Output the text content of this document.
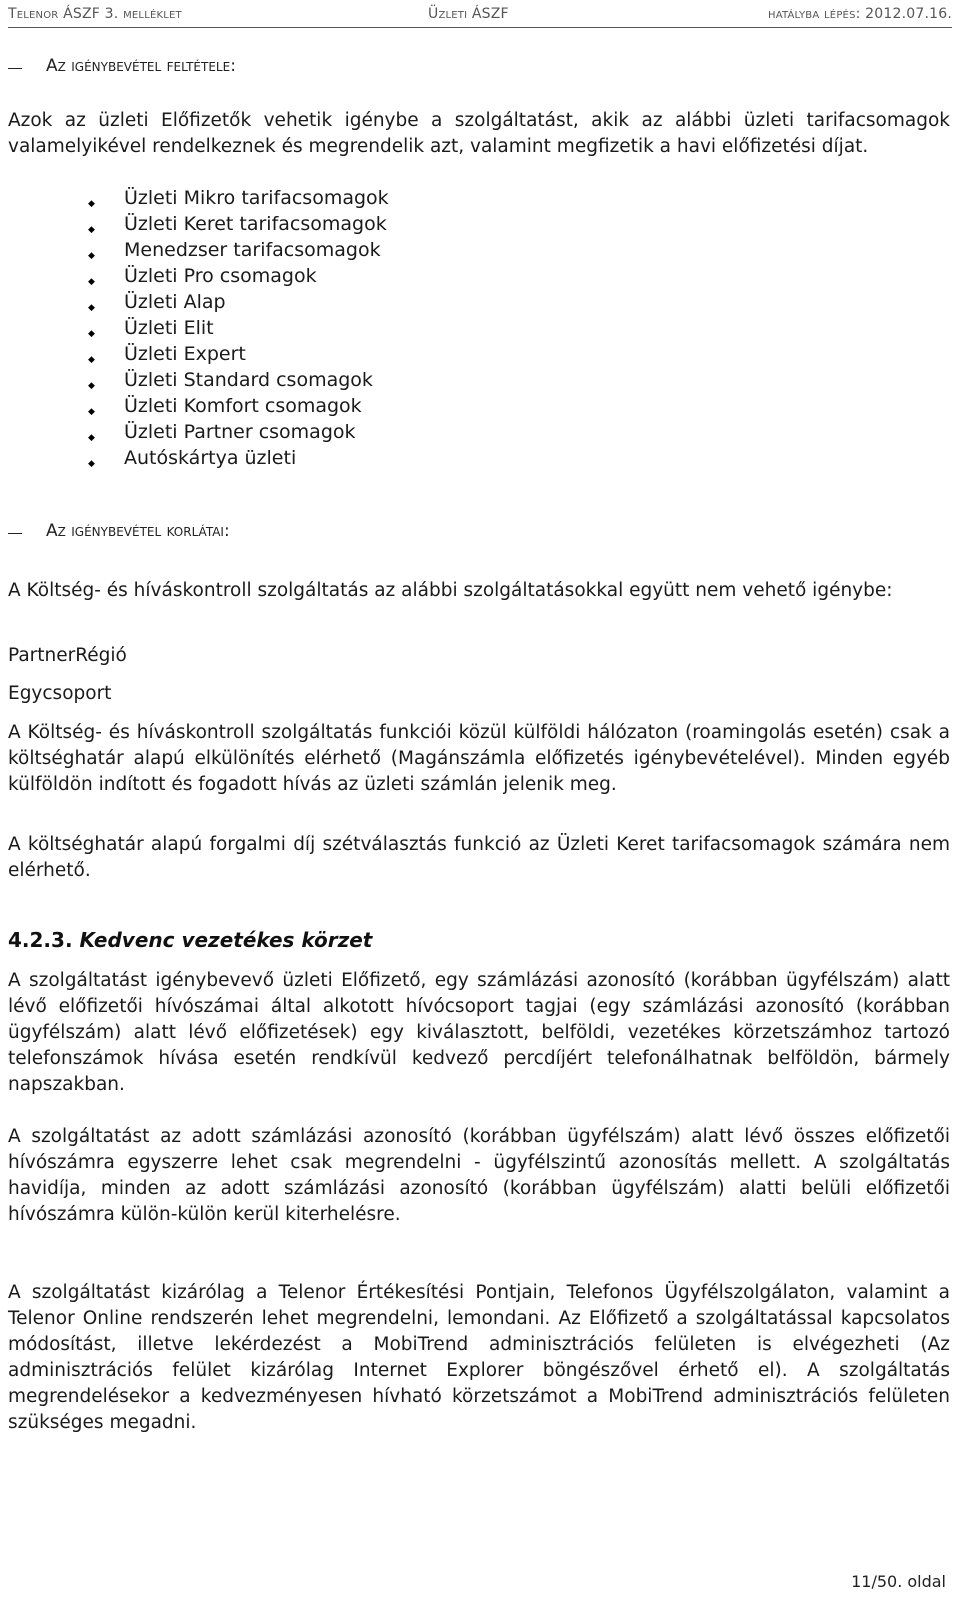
Telenor ÁSZF 3. melléklet	Üzleti ÁSZF	hatályba lépés: 2012.07.16.
Az igénybevétel feltétele:
Azok az üzleti Előfizetők vehetik igénybe a szolgáltatást, akik az alábbi üzleti tarifacsomagok valamelyikével rendelkeznek és megrendelik azt, valamint megfizetik a havi előfizetési díjat.
◆ Üzleti Mikro tarifacsomagok
◆ Üzleti Keret tarifacsomagok
◆ Menedzser tarifacsomagok
◆ Üzleti Pro csomagok
◆ Üzleti Alap
◆ Üzleti Elit
◆ Üzleti Expert
◆ Üzleti Standard csomagok
◆ Üzleti Komfort csomagok
◆ Üzleti Partner csomagok
◆ Autóskártya üzleti
Az igénybevétel korlátai:
A Költség- és híváskontroll szolgáltatás az alábbi szolgáltatásokkal együtt nem vehető igénybe:
PartnerRégió
Egycsoport
A Költség- és híváskontroll szolgáltatás funkciói közül külföldi hálózaton (roamingolás esetén) csak a költséghatár alapú elkülönítés elérhető (Magánszámla előfizetés igénybevételével). Minden egyéb külföldön indított és fogadott hívás az üzleti számlán jelenik meg.
A költséghatár alapú forgalmi díj szétválasztás funkció az Üzleti Keret tarifacsomagok számára nem elérhető.
4.2.3. Kedvenc vezetékes körzet
A szolgáltatást igénybevevő üzleti Előfizető, egy számlázási azonosító (korábban ügyfélszám) alatt lévő előfizetői hívószámai által alkotott hívócsoport tagjai (egy számlázási azonosító (korábban ügyfélszám) alatt lévő előfizetések) egy kiválasztott, belföldi, vezetékes körzetszámhoz tartozó telefonszámok hívása esetén rendkívül kedvező percdíjért telefonálhatnak belföldön, bármely napszakban.
A szolgáltatást az adott számlázási azonosító (korábban ügyfélszám) alatt lévő összes előfizetői hívószámra egyszerre lehet csak megrendelni - ügyfélszintű azonosítás mellett. A szolgáltatás havidíja, minden az adott számlázási azonosító (korábban ügyfélszám) alatti belüli előfizetői hívószámra külön-külön kerül kiterhelésre.
A szolgáltatást kizárólag a Telenor Értékesítési Pontjain, Telefonos Ügyfélszolgálaton, valamint a Telenor Online rendszerén lehet megrendelni, lemondani. Az Előfizető a szolgáltatással kapcsolatos módosítást, illetve lekérdezést a MobiTrend adminisztrációs felületen is elvégezheti (Az adminisztrációs felület kizárólag Internet Explorer böngészővel érhető el). A szolgáltatás megrendelésekor a kedvezményesen hívható körzetszámot a MobiTrend adminisztrációs felületen szükséges megadni.
11/50. oldal
